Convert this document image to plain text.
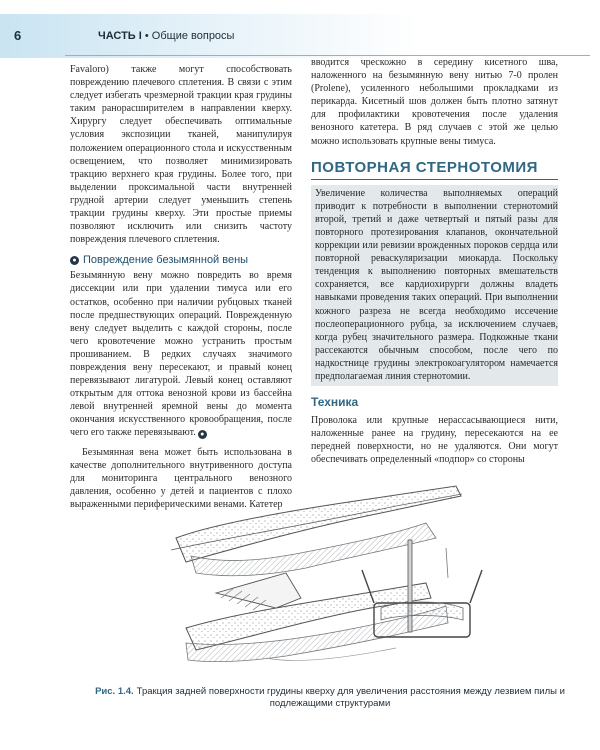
6	ЧАСТЬ I • Общие вопросы

Favaloro) также могут способствовать повреждению плечевого сплетения. В связи с этим следует избегать чрезмерной тракции края грудины таким ранорасширителем в направлении кверху. Хирургу следует обеспечивать оптимальные условия экспозиции тканей, манипулируя положением операционного стола и искусственным освещением, что позволяет минимизировать тракцию верхнего края грудины. Более того, при выделении проксимальной части внутренней грудной артерии следует уменьшить степень тракции грудины кверху. Эти простые приемы позволяют исключить или снизить частоту повреждения плечевого сплетения.

● Повреждение безымянной вены

Безымянную вену можно повредить во время диссекции или при удалении тимуса или его остатков, особенно при наличии рубцовых тканей после предшествующих операций. Поврежденную вену следует выделить с каждой стороны, после чего кровотечение можно устранить простым прошиванием. В редких случаях значимого повреждения вену пересекают, и правый конец перевязывают лигатурой. Левый конец оставляют открытым для оттока венозной крови из бассейна левой внутренней яремной вены до момента окончания искусственного кровообращения, после чего его также перевязывают. ●

Безымянная вена может быть использована в качестве дополнительного внутривенного доступа для мониторинга центрального венозного давления, особенно у детей и пациентов с плохо выраженными периферическими венами. Катетер

вводится чрескожно в середину кисетного шва, наложенного на безымянную вену нитью 7-0 пролен (Prolene), усиленного небольшими прокладками из перикарда. Кисетный шов должен быть плотно затянут для профилактики кровотечения после удаления венозного катетера. В ряд случаев с этой же целью можно использовать крупные вены тимуса.

ПОВТОРНАЯ СТЕРНОТОМИЯ

Увеличение количества выполняемых операций приводит к потребности в выполнении стернотомий второй, третий и даже четвертый и пятый разы для повторного протезирования клапанов, окончательной коррекции или ревизии врожденных пороков сердца или повторной реваскуляризации миокарда. Поскольку тенденция к выполнению повторных вмешательств сохраняется, все кардиохирурги должны владеть навыками проведения таких операций. При выполнении кожного разреза не всегда необходимо иссечение послеоперационного рубца, за исключением случаев, когда рубец значительного размера. Подкожные ткани рассекаются обычным способом, после чего по надкостнице грудины электрокоагулятором намечается предполагаемая линия стернотомии.

Техника

Проволока или крупные нерассасывающиеся нити, наложенные ранее на грудину, пересекаются на ее передней поверхности, но не удаляются. Они могут обеспечивать определенный «подпор» со стороны

Рис. 1.4. Тракция задней поверхности грудины кверху для увеличения расстояния между лезвием пилы и подлежащими структурами
